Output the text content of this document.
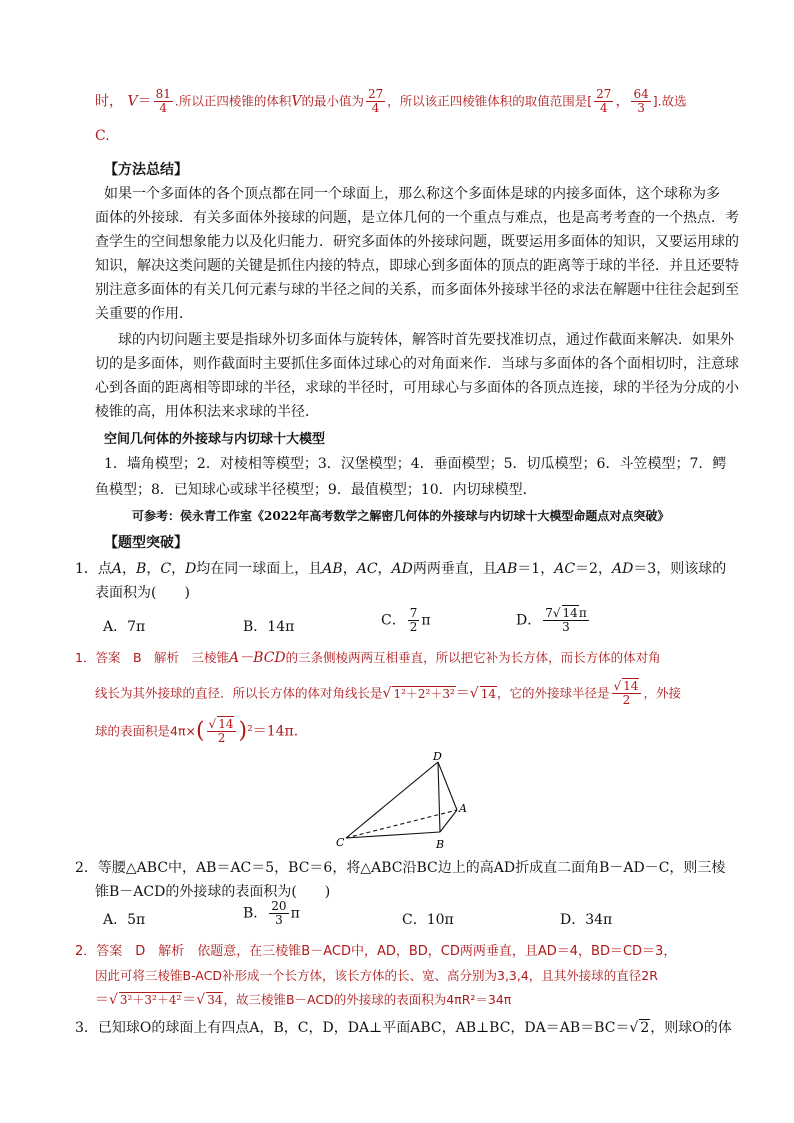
时， $V= \frac{81}{4}$ .所以正四棱锥的体积V的最小值为 $\frac{27}{4}$ ，所以该正四棱锥体积的取值范围是[ $\frac{27}{4}$ ， $\frac{64}{3}$ ].故选
C.
【方法总结】
如果一个多面体的各个顶点都在同一个球面上，那么称这个多面体是球的内接多面体，这个球称为多
面体的外接球．有关多面体外接球的问题，是立体几何的一个重点与难点，也是高考考查的一个热点．考
查学生的空间想象能力以及化归能力．研究多面体的外接球问题，既要运用多面体的知识，又要运用球的
知识，解决这类问题的关键是抓住内接的特点，即球心到多面体的顶点的距离等于球的半径．并且还要特
别注意多面体的有关几何元素与球的半径之间的关系，而多面体外接球半径的求法在解题中往往会起到至
关重要的作用．
球的内切问题主要是指球外切多面体与旋转体，解答时首先要找准切点，通过作截面来解决．如果外
切的是多面体，则作截面时主要抓住多面体过球心的对角面来作．当球与多面体的各个面相切时，注意球
心到各面的距离相等即球的半径，求球的半径时，可用球心与多面体的各顶点连接，球的半径为分成的小
棱锥的高，用体积法来求球的半径．
空间几何体的外接球与内切球十大模型
1．墙角模型；2．对棱相等模型；3．汉堡模型；4．垂面模型；5．切瓜模型；6．斗笠模型；7．鳄
鱼模型；8．已知球心或球半径模型；9．最值模型；10．内切球模型．
可参考：侯永青工作室《2022年高考数学之解密几何体的外接球与内切球十大模型命题点对点突破》
【题型突破】
1．点A，B，C，D均在同一球面上，且AB，AC，AD两两垂直，且AB＝1，AC＝2，AD＝3，则该球的
表面积为(　　)
A．7π	B．14π	C． $\frac{7}{2}$ π	D． $\frac{7√ 14\pi}{3}$
1．答案　B　解析　三棱锥A－BCD的三条侧棱两两互相垂直，所以把它补为长方体，而长方体的体对角
线长为其外接球的直径．所以长方体的体对角线长是√ 1²＋2²＋3²＝√ 14，它的外接球半径是 $\frac{√ 14}{2}$ ，外接
球的表面积是$4\pi\times( \frac{√ 14}{2} )^2=14\pi$.
D
A
B
C
2．等腰△ABC中，AB＝AC＝5，BC＝6，将△ABC沿BC边上的高AD折成直二面角B－AD－C，则三棱
锥B－ACD的外接球的表面积为(　　)
A．5π	B． $\frac{20}{3}$ π	C．10π	D．34π
2．答案　D　解析　依题意，在三棱锥B－ACD中，AD，BD，CD两两垂直，且AD＝4，BD＝CD＝3，
因此可将三棱锥B-ACD补形成一个长方体，该长方体的长、宽、高分别为3,3,4，且其外接球的直径2R
＝√ 3²＋3²＋4²＝√ 34，故三棱锥B－ACD的外接球的表面积为4πR²＝34π
3．已知球O的球面上有四点A，B，C，D，DA⊥平面ABC，AB⊥BC，DA＝AB＝BC＝√ 2，则球O的体
